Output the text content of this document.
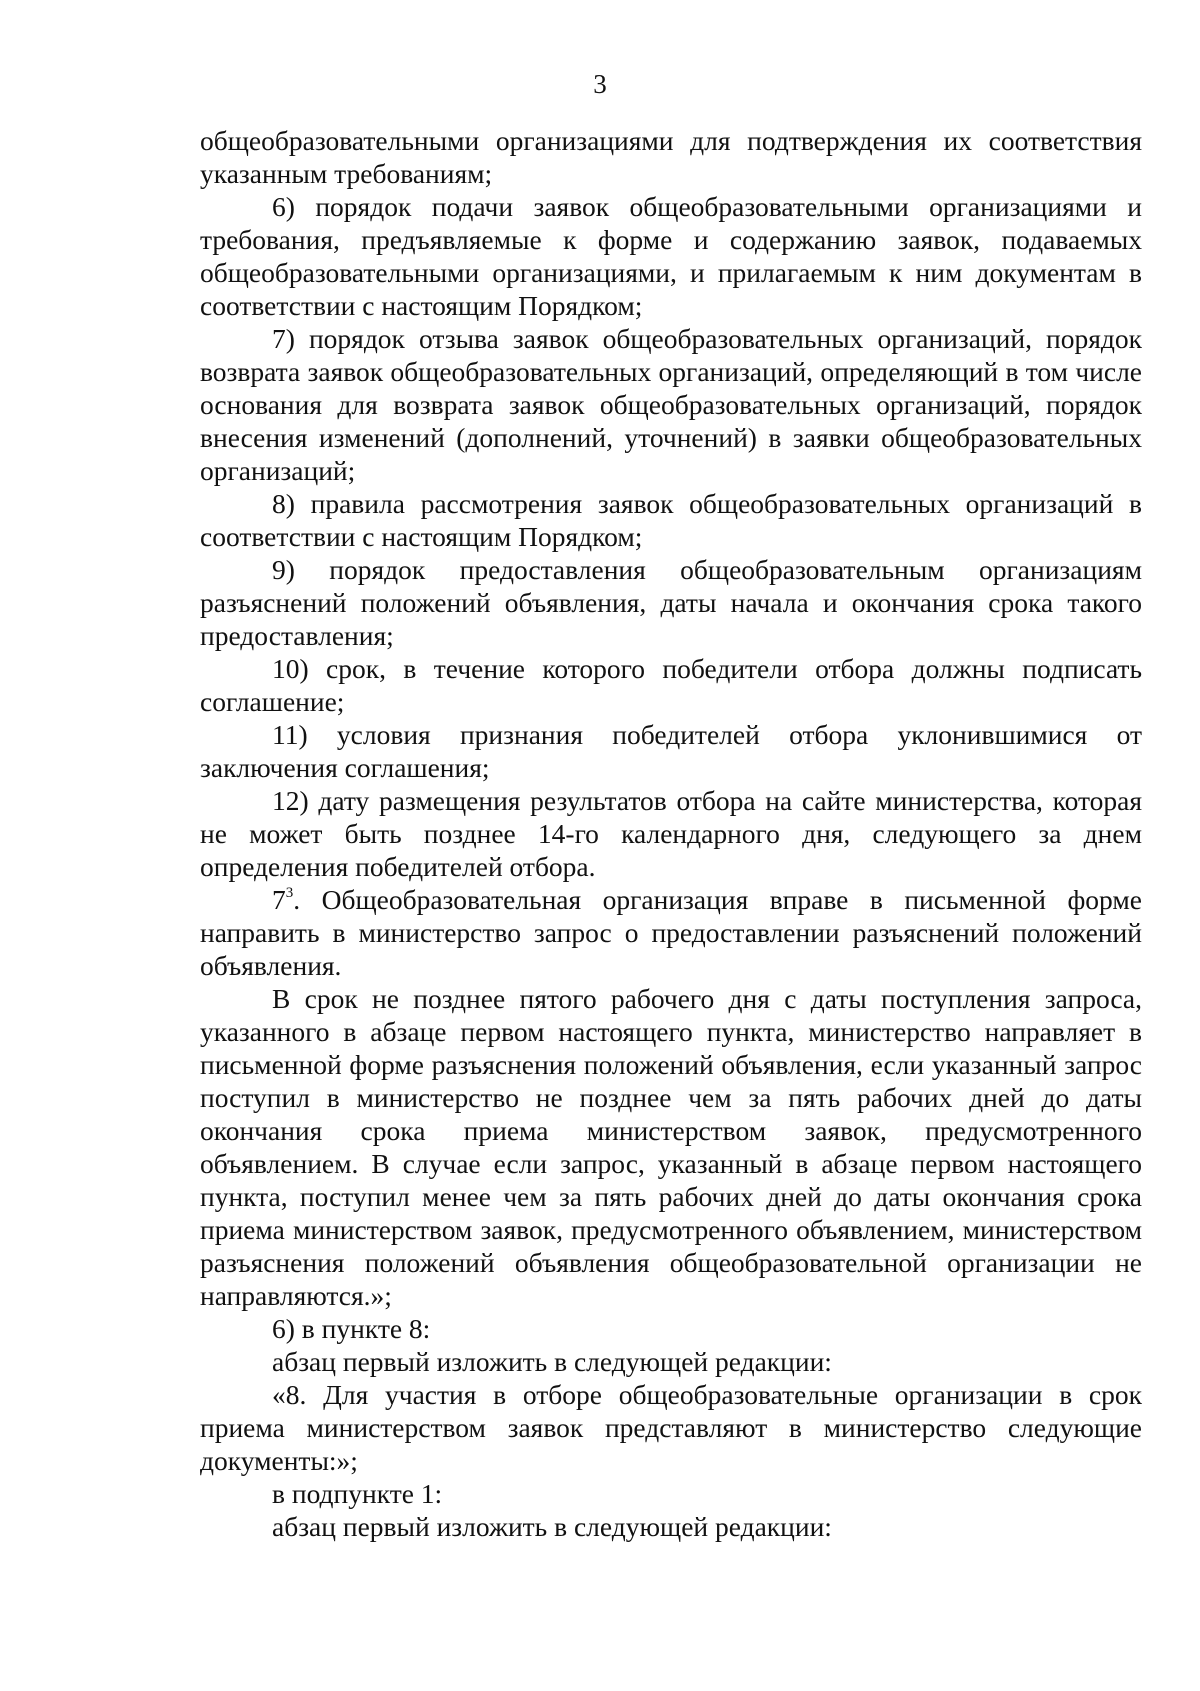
3

общеобразовательными организациями для подтверждения их соответствия указанным требованиям;

6) порядок подачи заявок общеобразовательными организациями и требования, предъявляемые к форме и содержанию заявок, подаваемых общеобразовательными организациями, и прилагаемым к ним документам в соответствии с настоящим Порядком;

7) порядок отзыва заявок общеобразовательных организаций, порядок возврата заявок общеобразовательных организаций, определяющий в том числе основания для возврата заявок общеобразовательных организаций, порядок внесения изменений (дополнений, уточнений) в заявки общеобразовательных организаций;

8) правила рассмотрения заявок общеобразовательных организаций в соответствии с настоящим Порядком;

9) порядок предоставления общеобразовательным организациям разъяснений положений объявления, даты начала и окончания срока такого предоставления;

10) срок, в течение которого победители отбора должны подписать соглашение;

11) условия признания победителей отбора уклонившимися от заключения соглашения;

12) дату размещения результатов отбора на сайте министерства, которая не может быть позднее 14-го календарного дня, следующего за днем определения победителей отбора.

$7^3$. Общеобразовательная организация вправе в письменной форме направить в министерство запрос о предоставлении разъяснений положений объявления.

В срок не позднее пятого рабочего дня с даты поступления запроса, указанного в абзаце первом настоящего пункта, министерство направляет в письменной форме разъяснения положений объявления, если указанный запрос поступил в министерство не позднее чем за пять рабочих дней до даты окончания срока приема министерством заявок, предусмотренного объявлением. В случае если запрос, указанный в абзаце первом настоящего пункта, поступил менее чем за пять рабочих дней до даты окончания срока приема министерством заявок, предусмотренного объявлением, министерством разъяснения положений объявления общеобразовательной организации не направляются.»;

6) в пункте 8:

абзац первый изложить в следующей редакции:

«8. Для участия в отборе общеобразовательные организации в срок приема министерством заявок представляют в министерство следующие документы:»;

в подпункте 1:

абзац первый изложить в следующей редакции:
